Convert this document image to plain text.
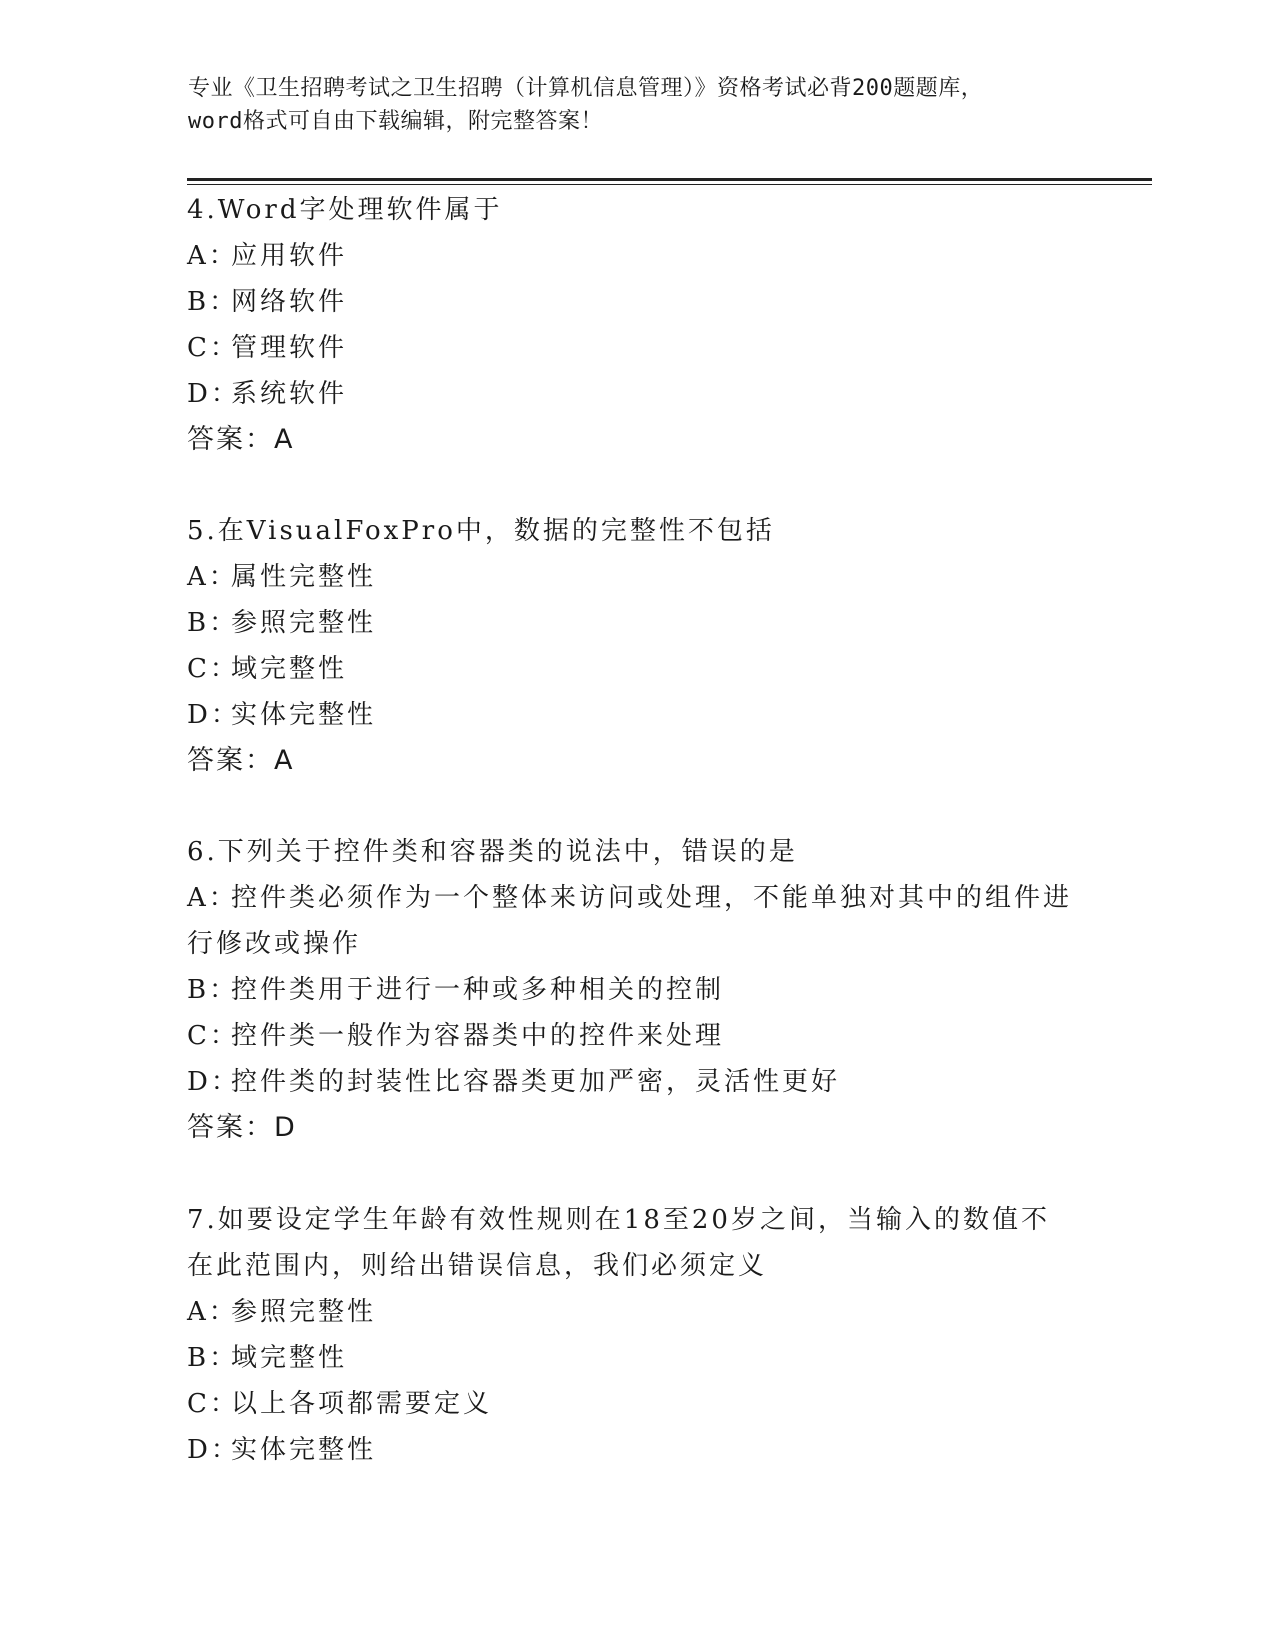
专业《卫生招聘考试之卫生招聘（计算机信息管理）》资格考试必背200题题库，
word格式可自由下载编辑，附完整答案！
4.Word字处理软件属于
A：应用软件
B：网络软件
C：管理软件
D：系统软件
答案：A
5.在VisualFoxPro中，数据的完整性不包括
A：属性完整性
B：参照完整性
C：域完整性
D：实体完整性
答案：A
6.下列关于控件类和容器类的说法中，错误的是
A：控件类必须作为一个整体来访问或处理，不能单独对其中的组件进
行修改或操作
B：控件类用于进行一种或多种相关的控制
C：控件类一般作为容器类中的控件来处理
D：控件类的封装性比容器类更加严密，灵活性更好
答案：D
7.如要设定学生年龄有效性规则在18至20岁之间，当输入的数值不
在此范围内，则给出错误信息，我们必须定义
A：参照完整性
B：域完整性
C：以上各项都需要定义
D：实体完整性
